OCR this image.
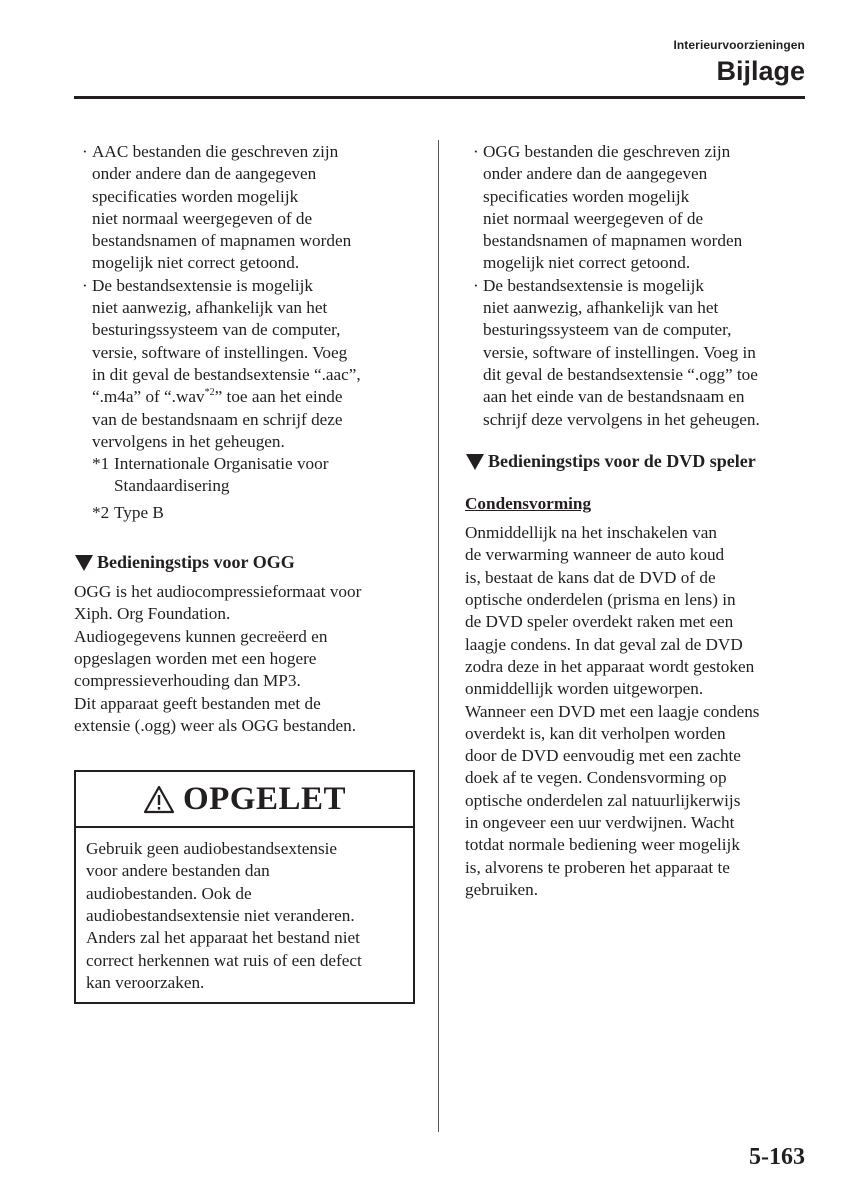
Interieurvoorzieningen
Bijlage
· AAC bestanden die geschreven zijn
onder andere dan de aangegeven
specificaties worden mogelijk
niet normaal weergegeven of de
bestandsnamen of mapnamen worden
mogelijk niet correct getoond.
· De bestandsextensie is mogelijk
niet aanwezig, afhankelijk van het
besturingssysteem van de computer,
versie, software of instellingen. Voeg
in dit geval de bestandsextensie “.aac”,
“.m4a” of “.wav$^{*2}$” toe aan het einde
van de bestandsnaam en schrijf deze
vervolgens in het geheugen.
*1 Internationale Organisatie voor
Standaardisering
*2 Type B
Bedieningstips voor OGG
OGG is het audiocompressieformaat voor
Xiph. Org Foundation.
Audiogegevens kunnen gecreëerd en
opgeslagen worden met een hogere
compressieverhouding dan MP3.
Dit apparaat geeft bestanden met de
extensie (.ogg) weer als OGG bestanden.
OPGELET
Gebruik geen audiobestandsextensie
voor andere bestanden dan
audiobestanden. Ook de
audiobestandsextensie niet veranderen.
Anders zal het apparaat het bestand niet
correct herkennen wat ruis of een defect
kan veroorzaken.
· OGG bestanden die geschreven zijn
onder andere dan de aangegeven
specificaties worden mogelijk
niet normaal weergegeven of de
bestandsnamen of mapnamen worden
mogelijk niet correct getoond.
· De bestandsextensie is mogelijk
niet aanwezig, afhankelijk van het
besturingssysteem van de computer,
versie, software of instellingen. Voeg in
dit geval de bestandsextensie “.ogg” toe
aan het einde van de bestandsnaam en
schrijf deze vervolgens in het geheugen.
Bedieningstips voor de DVD speler
Condensvorming
Onmiddellijk na het inschakelen van
de verwarming wanneer de auto koud
is, bestaat de kans dat de DVD of de
optische onderdelen (prisma en lens) in
de DVD speler overdekt raken met een
laagje condens. In dat geval zal de DVD
zodra deze in het apparaat wordt gestoken
onmiddellijk worden uitgeworpen.
Wanneer een DVD met een laagje condens
overdekt is, kan dit verholpen worden
door de DVD eenvoudig met een zachte
doek af te vegen. Condensvorming op
optische onderdelen zal natuurlijkerwijs
in ongeveer een uur verdwijnen. Wacht
totdat normale bediening weer mogelijk
is, alvorens te proberen het apparaat te
gebruiken.
5-163
